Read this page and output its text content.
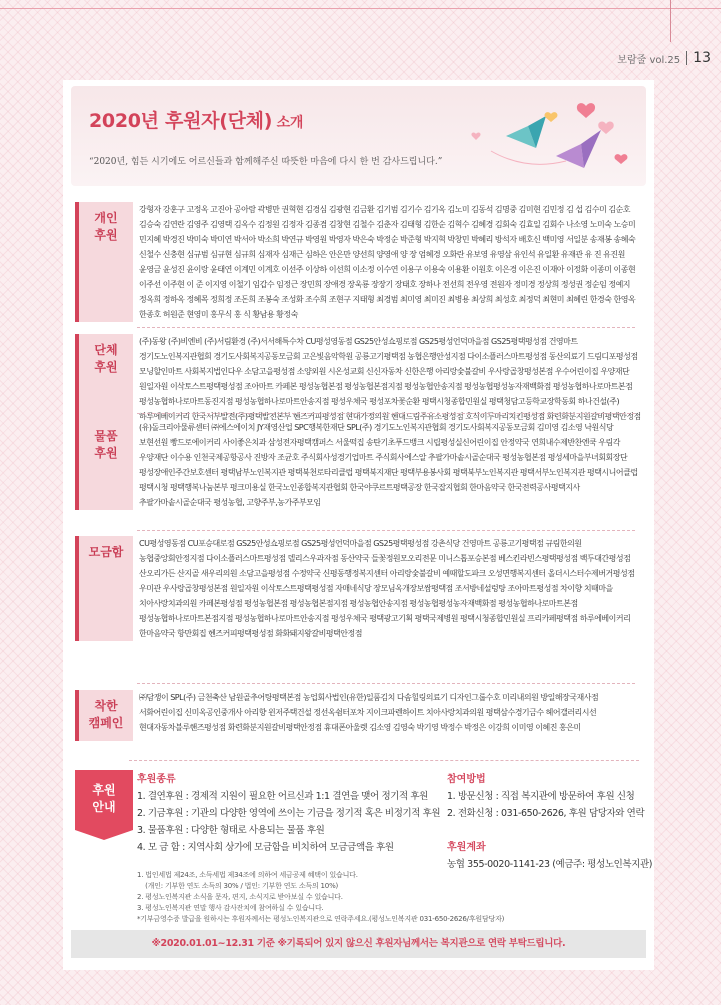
보람줄 vol.25 13
2020년 후원자(단체) 소개
“2020년, 힘든 시기에도 어르신들과 함께해주신 따뜻한 마음에 다시 한 번 감사드립니다.”
개인
후원
강형자 강훈구 고정옥 고진아 공아람 곽병만 권혁현 김경심 김광현 김금환 김기범 김기수 김기옥 김노미 김동석 김명중 김미현 김민정 김 섭 김수미 김순호 김승숙 김연란 김영주 김영택 김옥수 김정원 김정자 김종겸 김창현 김철수 김춘자 김태형 김한순 김혁수 김혜경 김회숙 김효일 김회수 나소영 노미숙 노승미 민지혜 박경진 박미숙 박미연 박서아 박소희 박연규 박영원 박영자 박은숙 박정순 박준형 박지혁 박창민 박혜리 방석자 배호신 백미영 서일분 송재봉 송혜숙 신철수 신충현 심규범 심규현 심규희 심재자 심재근 심하은 안은만 양선희 양영애 양 장 엄혜경 오화란 유보영 유영삼 유인석 유일환 유재관 유 진 유진원 윤영금 윤성진 윤이랑 윤태연 이계민 이계호 이선주 이상하 이선희 이소정 이수연 이용구 이용숙 이용환 이원호 이은경 이은진 이재아 이정화 이종미 이종현 이주선 이주현 이 준 이지영 이철기 임갑수 임정근 장민희 장애경 장욱룡 장장기 장태호 장하나 전선희 전우영 전원자 정미경 정상희 정성권 정순임 정예지 정옥희 정하옥 정혜목 정희정 조돈희 조봉숙 조성화 조수희 조현구 지태형 최경범 최미영 최미진 최병용 최상희 최성호 최정덕 최현미 최혜린 한경숙 한영옥 한종호 허원준 현영미 홍무식 홍 식 황남용 황정숙
단체
후원
(주)동왕 (주)비엔비 (주)서림환경 (주)서서해특수차 CU평성영동점 GS25안성쇼핑로점 GS25평성언덕마을점 GS25평택평성점 건영마트 경기도노인복지관협회 경기도사회복지공동모금회 고은빛음악학원 공룡고기평택점 농협은행안성지점 다이소플러스마트평성점 동산의료기 드림디포평성점 모닝할인마트 사회복지법인다우 소담고을평성점 소양외원 시온성교회 신신자동차 신한은행 아리랑숯불갈비 우사랑곱창평성본점 우수어린이집 우양재단 원일자원 이삭토스트평택평성점 조아마트 카페본 평성농협본점 평성농협본점지점 평성농협안송지점 평성농협평성농자재백화점 평성농협하나로마트본점 평성농협하나로마트동진지점 평성농협하나로마트안송지점 평성우체국 평성포차꽃순환 평택시청종합민원실 평택청담고등학교장학동회 하나건설(주) 하루에베이커리 한국서부발전(주)평택발전본부 헨즈커피평성점 현대가정의원 헨대드림주유소평성점 호식이두마리치킨평성점 화련화분지원갈비평택안정점
물품
후원
(유)돌크리아물류센터 ㈜에스에이치 JY재영산업 SPC행복한재단 SPL(주) 경기도노인복지관협회 경기도사회복지공동모금회 김미영 김소영 낙원식당 보현선원 빵드로에이커리 사이좋은치과 삼성전자평택캠퍼스 서울떡집 송탄기초푸드뱅크 시립평성실신어린이집 안정약국 연희내수제반찬엔쿡 우림각 우양재단 이수용 인천국제공항공사 진방자 조균호 주식회사성경기업마트 주식회사에스알 추팔가마솥시골순대국 평성농협본점 평성세마을부녀회회장단 평성장애인주간보호센터 평택남부노인복지관 평택북천로타리클럽 평택북지재단 평택부용봉사회 평택북부노인복지관 평택서부노인복지관 평택시니어클럽 평택시청 평택행복나눔본부 평크미용실 한국노인종합복지관협회 한국야쿠르트평택공장 한국잡지협회 한마음약국 한국전력공사평택지사 추팔가마솥시골순대국 평성농협, 고향주부,농가주부모임
모금함
CU평성영동점 CU포승대로점 GS25안성쇼핑로점 GS25평성언덕마을점 GS25평택평성점 강촌식당 건영마트 공룡고기평택점 규림한의원 농협중앙회안정지점 다이소플러스마트평성점 델리스우과자점 동산약국 들꽃정원모오리전문 미니스톱포승본점 베스킨라빈스평택평성점 백두대간평성점 산오리가든 산지골 새우리의원 소담고을평성점 수정약국 신평동행정복지센터 아리랑숯불갈비 예때할도파크 오성면행복지센터 올더시스터수제버거평성점 우미관 우사랑곱창평성본점 원일자원 이삭토스트평택평성점 자매네식당 장모님옥개장보쌈평택점 조서방네설렁탕 조아마트평성점 차이향 치때마을 치아사랑치과의원 카페본평성점 평성농협본점 평성농협본점지점 평성농협안송지점 평성농협평성농자재백화점 평성농협하나로마트본점 평성농협하나로마트본점지점 평성농협하나로마트안송지점 평성우체국 평택광고기획 평택국제병원 평택시청종합민원실 프리카페평택점 하루에베이커리 한마음약국 항만회집 헨즈커피평택평성점 화화돼지왕갈비평택안정점
착한
캠페인
㈜담쟁이 SPL(주) 금천축산 남원골추어탕평택본점 농업회사법인(유한)일품김치 다솜힐링의료기 디자인그룹수호 미리내의원 방일해장국재사점 서화어린이집 신미옥공인중개사 아리향 윈저주택건설 정선옥쉼터포차 지이크파렌하이트 치아사랑치과의원 평택삼수경기금수 헤어갤러리시선 현대자동차블루핸즈평성점 화련화분지원갈비평택안정점 휴대폰아울렛 김소영 김영숙 박기영 박정수 박정은 이강희 이미영 이혜진 홍은미
후원
안내
후원종류
1. 결연후원 : 경제적 지원이 필요한 어르신과 1:1 결연을 맺어 정기적 후원
2. 기금후원 : 기관의 다양한 영역에 쓰이는 기금을 정기적 혹은 비정기적 후원
3. 물품후원 : 다양한 형태로 사용되는 물품 후원
4. 모 금 함 : 지역사회 상가에 모금함을 비치하여 모금금액을 후원
참여방법
1. 방문신청 : 직접 복지관에 방문하여 후원 신청
2. 전화신청 : 031-650-2626, 후원 담당자와 연락
후원계좌
농협 355-0020-1141-23 (예금주: 평성노인복지관)
1. 법인세법 제24조, 소득세법 제34조에 의하여 세금공제 혜택이 있습니다.
(개인: 기부한 연도 소득의 30% / 법인: 기부한 연도 소득의 10%)
2. 평성노인복지관 소식을 문자, 편지, 소식지로 받아보실 수 있습니다.
3. 평성노인복지관 연말 행사 감사잔치에 참여하실 수 있습니다.
*기부금영수증 발급을 원하시는 후원자께서는 평성노인복지관으로 연락주세요.(평성노인복지관 031-650-2626/후원담당자)
※2020.01.01~12.31 기준 ※기록되어 있지 않으신 후원자님께서는 복지관으로 연락 부탁드립니다.
